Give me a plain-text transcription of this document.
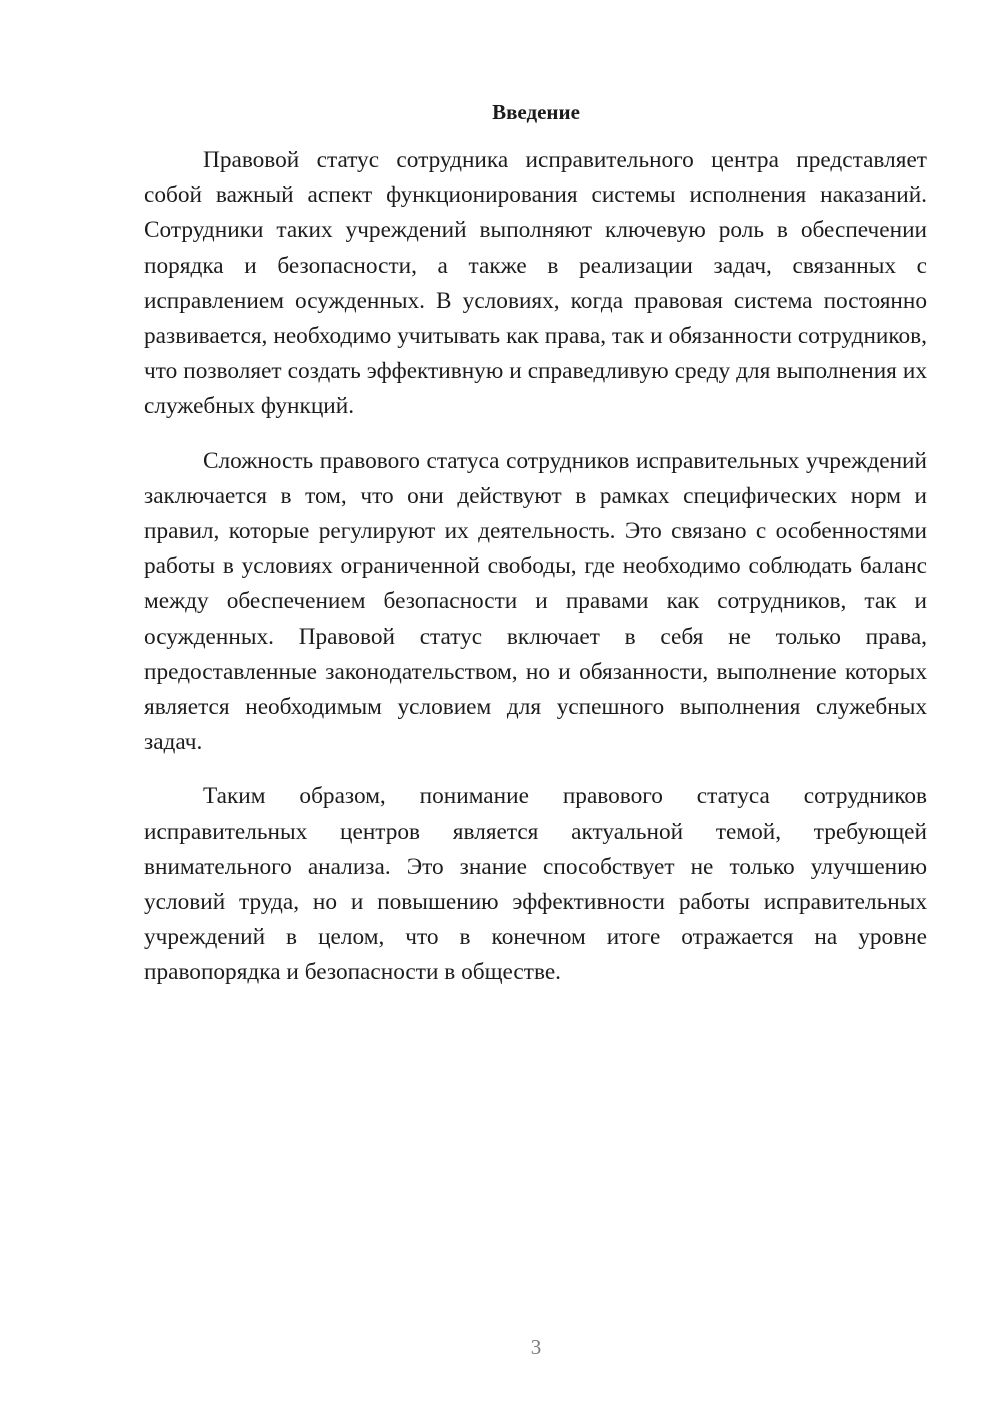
Введение

Правовой статус сотрудника исправительного центра представляет собой важный аспект функционирования системы исполнения наказаний. Сотрудники таких учреждений выполняют ключевую роль в обеспечении порядка и безопасности, а также в реализации задач, связанных с исправлением осужденных. В условиях, когда правовая система постоянно развивается, необходимо учитывать как права, так и обязанности сотрудников, что позволяет создать эффективную и справедливую среду для выполнения их служебных функций.

Сложность правового статуса сотрудников исправительных учреждений заключается в том, что они действуют в рамках специфических норм и правил, которые регулируют их деятельность. Это связано с особенностями работы в условиях ограниченной свободы, где необходимо соблюдать баланс между обеспечением безопасности и правами как сотрудников, так и осужденных. Правовой статус включает в себя не только права, предоставленные законодательством, но и обязанности, выполнение которых является необходимым условием для успешного выполнения служебных задач.

Таким образом, понимание правового статуса сотрудников исправительных центров является актуальной темой, требующей внимательного анализа. Это знание способствует не только улучшению условий труда, но и повышению эффективности работы исправительных учреждений в целом, что в конечном итоге отражается на уровне правопорядка и безопасности в обществе.

3
